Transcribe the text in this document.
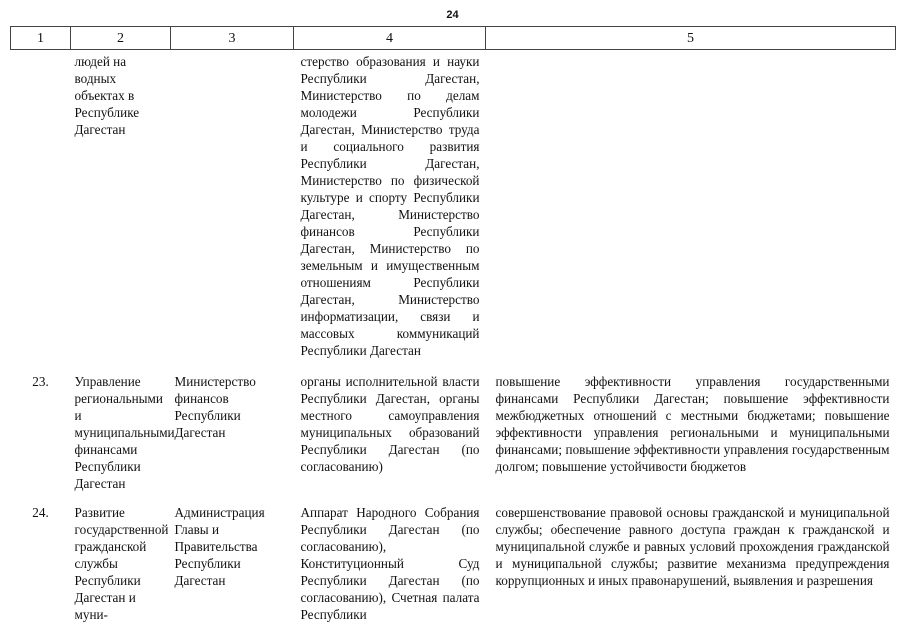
24
1	2	3	4	5
	людей на водных объектах в Республике Дагестан		стерство образования и науки Республики Дагестан, Министерство по делам молодежи Республики Дагестан, Министерство труда и социального развития Республики Дагестан, Министерство по физической культуре и спорту Республики Дагестан, Министерство финансов Республики Дагестан, Министерство по земельным и имущественным отношениям Республики Дагестан, Министерство информатизации, связи и массовых коммуникаций Республики Дагестан	
23.	Управление региональными и муниципальными финансами Республики Дагестан	Министерство финансов Республики Дагестан	органы исполнительной власти Республики Дагестан, органы местного самоуправления муниципальных образований Республики Дагестан (по согласованию)	повышение эффективности управления государственными финансами Республики Дагестан; повышение эффективности межбюджетных отношений с местными бюджетами; повышение эффективности управления региональными и муниципальными финансами; повышение эффективности управления государственным долгом; повышение устойчивости бюджетов
24.	Развитие государственной гражданской службы Республики Дагестан и муни-	Администрация Главы и Правительства Республики Дагестан	Аппарат Народного Собрания Республики Дагестан (по согласованию), Конституционный Суд Республики Дагестан (по согласованию), Счетная палата Республики	совершенствование правовой основы гражданской и муниципальной службы; обеспечение равного доступа граждан к гражданской и муниципальной службе и равных условий прохождения гражданской и муниципальной службы; развитие механизма предупреждения коррупционных и иных правонарушений, выявления и разрешения
